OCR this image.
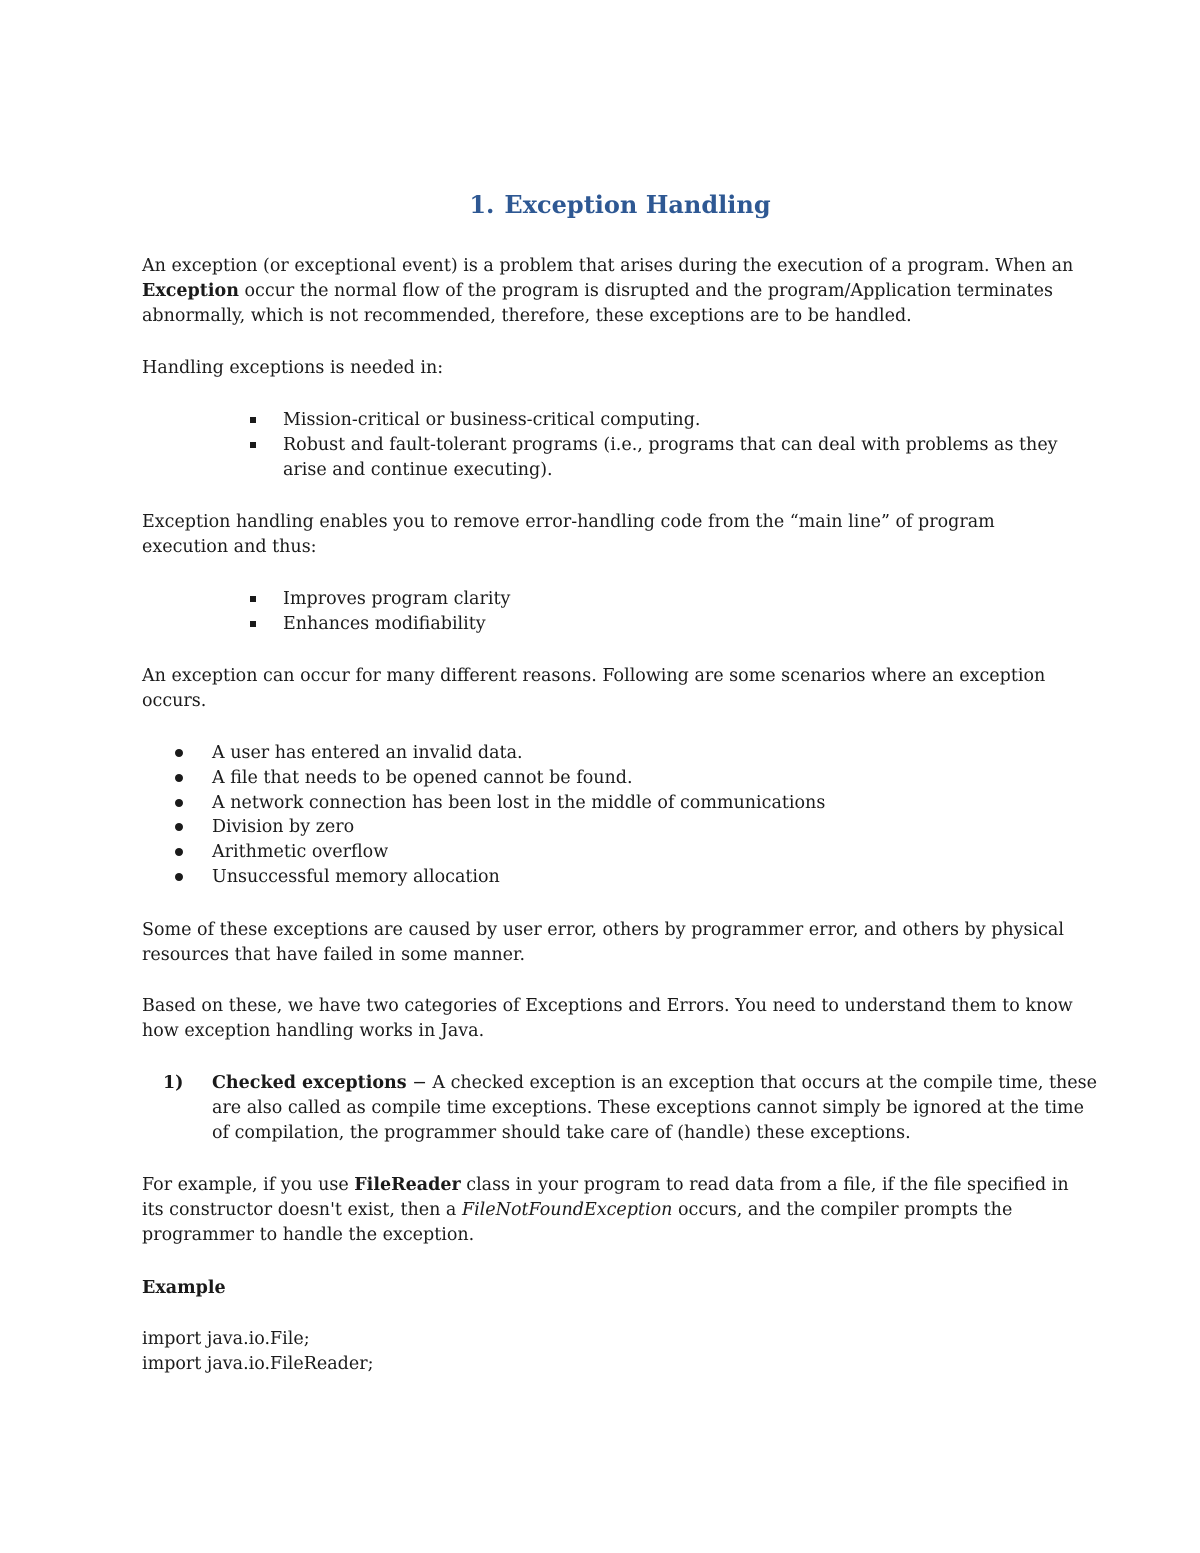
1. Exception Handling
An exception (or exceptional event) is a problem that arises during the execution of a program. When an
Exception occur the normal flow of the program is disrupted and the program/Application terminates
abnormally, which is not recommended, therefore, these exceptions are to be handled.
Handling exceptions is needed in:
Mission-critical or business-critical computing.
Robust and fault-tolerant programs (i.e., programs that can deal with problems as they
arise and continue executing).
Exception handling enables you to remove error-handling code from the “main line” of program
execution and thus:
Improves program clarity
Enhances modifiability
An exception can occur for many different reasons. Following are some scenarios where an exception
occurs.
A user has entered an invalid data.
A file that needs to be opened cannot be found.
A network connection has been lost in the middle of communications
Division by zero
Arithmetic overflow
Unsuccessful memory allocation
Some of these exceptions are caused by user error, others by programmer error, and others by physical
resources that have failed in some manner.
Based on these, we have two categories of Exceptions and Errors. You need to understand them to know
how exception handling works in Java.
1) Checked exceptions − A checked exception is an exception that occurs at the compile time, these
are also called as compile time exceptions. These exceptions cannot simply be ignored at the time
of compilation, the programmer should take care of (handle) these exceptions.
For example, if you use FileReader class in your program to read data from a file, if the file specified in
its constructor doesn't exist, then a FileNotFoundException occurs, and the compiler prompts the
programmer to handle the exception.
Example
import java.io.File;
import java.io.FileReader;
